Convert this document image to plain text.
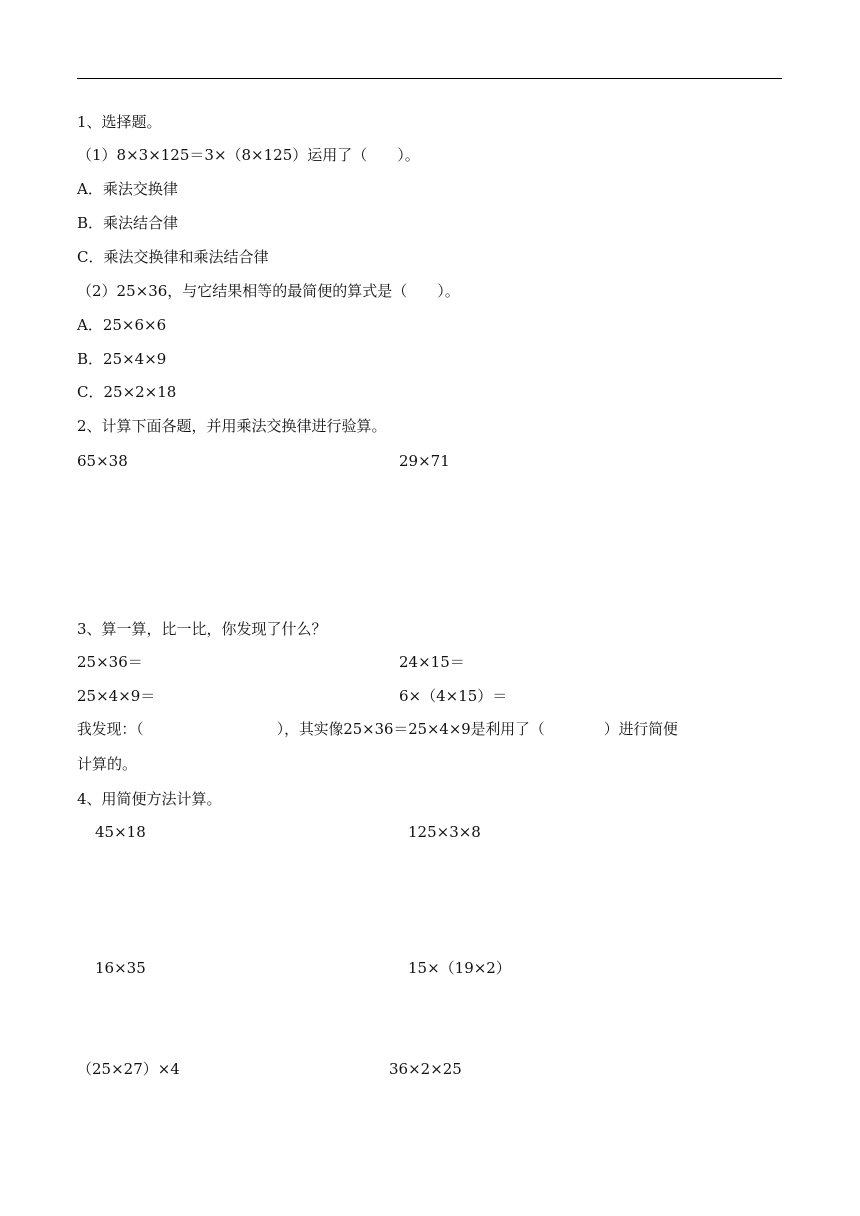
1、选择题。
（1）8×3×125＝3×（8×125）运用了（　　）。
A．乘法交换律
B．乘法结合律
C．乘法交换律和乘法结合律
（2）25×36，与它结果相等的最简便的算式是（　　）。
A．25×6×6
B．25×4×9
C．25×2×18
2、计算下面各题，并用乘法交换律进行验算。
65×38	29×71
3、算一算，比一比，你发现了什么？
25×36＝	24×15＝
25×4×9＝	6×（4×15）＝
我发现：（　　　　　　　　　），其实像25×36＝25×4×9是利用了（　　　　）进行简便
计算的。
4、用简便方法计算。
45×18	125×3×8
16×35	15×（19×2）
（25×27）×4	36×2×25
